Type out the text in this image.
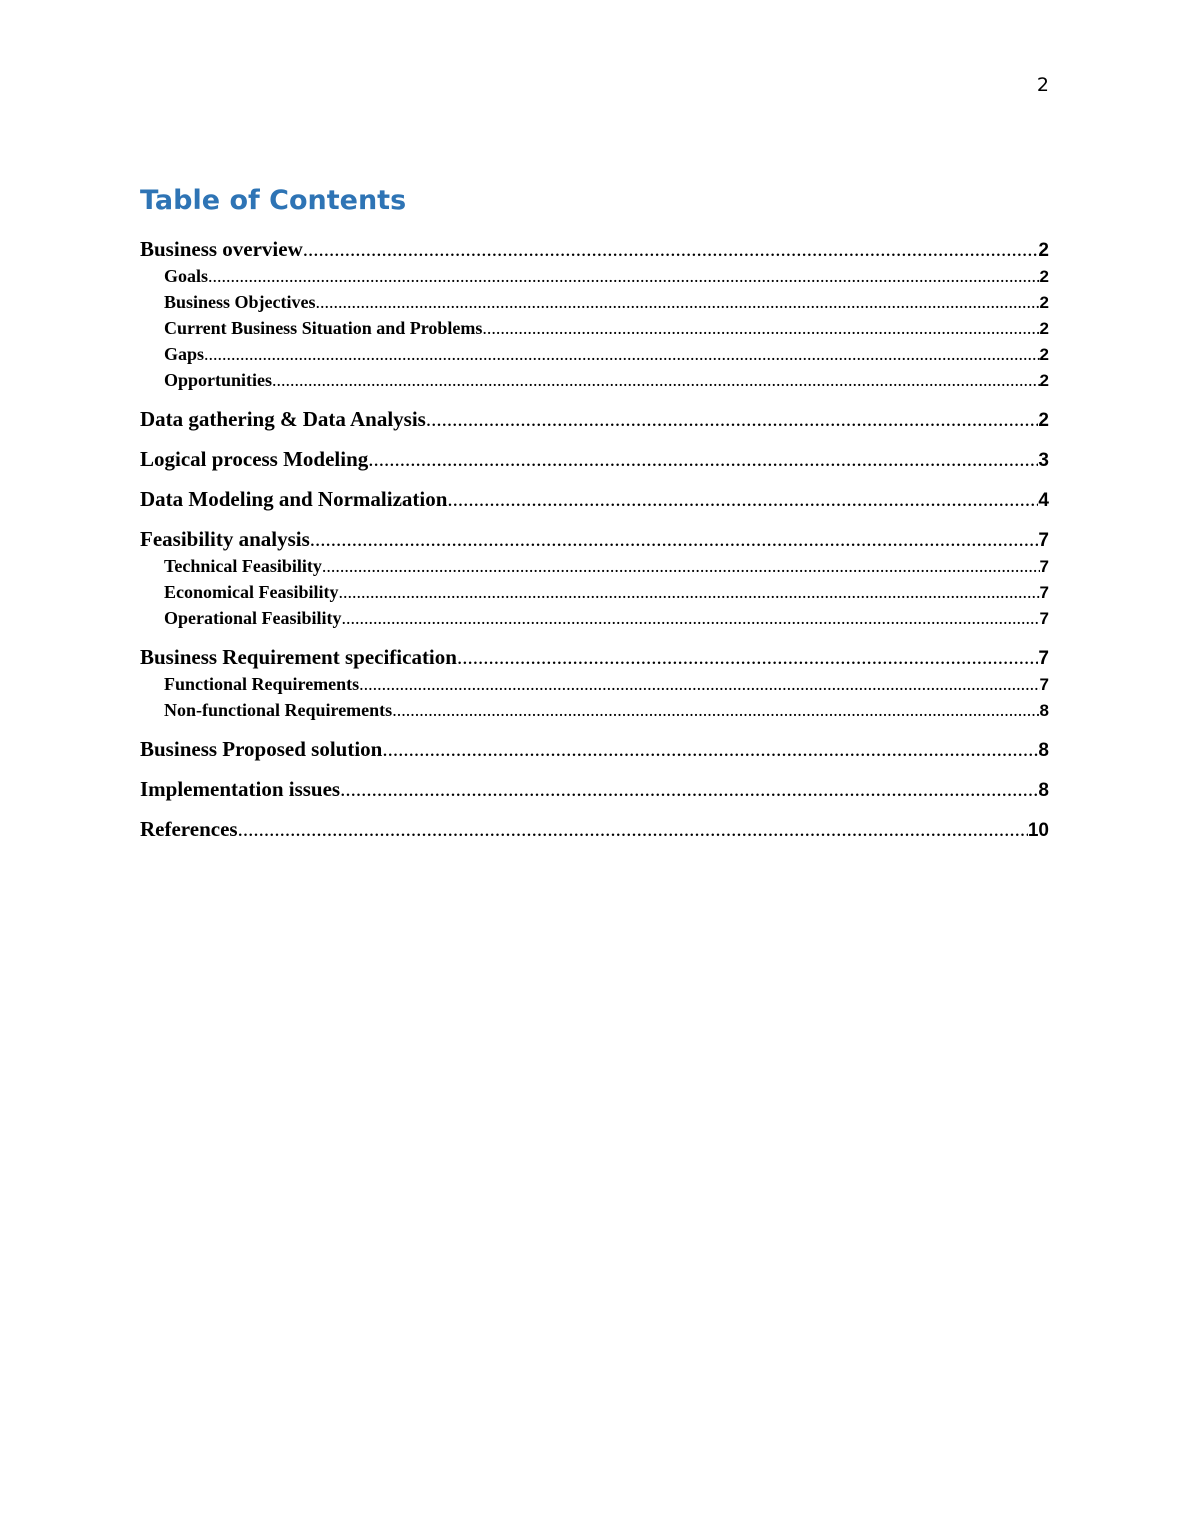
2
Table of Contents
Business overview .....	2
Goals .....	2
Business Objectives .....	2
Current Business Situation and Problems .....	2
Gaps .....	2
Opportunities .....	2
Data gathering & Data Analysis .....	2
Logical process Modeling .....	3
Data Modeling and Normalization .....	4
Feasibility analysis .....	7
Technical Feasibility .....	7
Economical Feasibility .....	7
Operational Feasibility .....	7
Business Requirement specification .....	7
Functional Requirements .....	7
Non-functional Requirements .....	8
Business Proposed solution .....	8
Implementation issues .....	8
References .....	10
